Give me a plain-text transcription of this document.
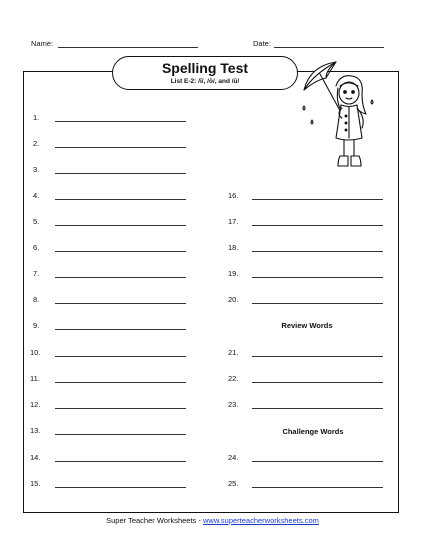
Name:	Date:
Spelling Test
List E-2: /ī/, /ō/, and /ū/
1.
2.
3.
4.
5.
6.
7.
8.
9.
10.
11.
12.
13.
14.
15.
16.
17.
18.
19.
20.
Review Words
21.
22.
23.
Challenge Words
24.
25.
Super Teacher Worksheets - www.superteacherworksheets.com
